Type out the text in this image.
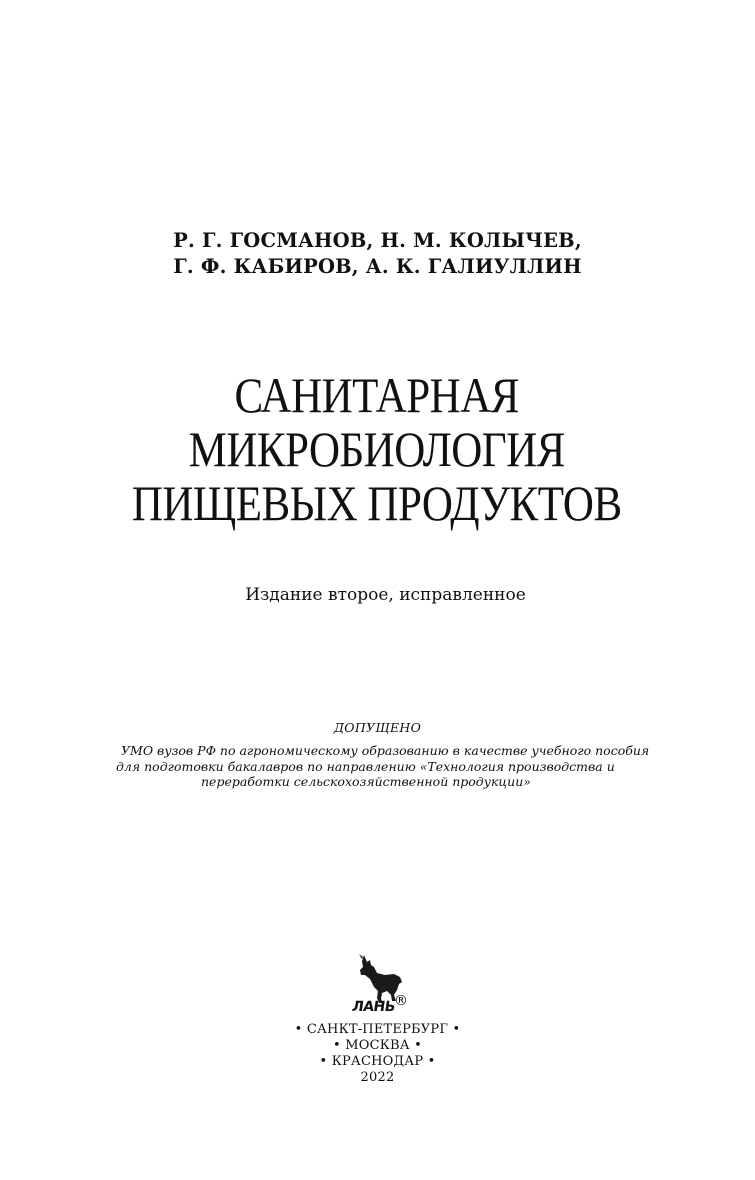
Р. Г. ГОСМАНОВ, Н. М. КОЛЫЧЕВ,
Г. Ф. КАБИРОВ, А. К. ГАЛИУЛЛИН
САНИТАРНАЯ
МИКРОБИОЛОГИЯ
ПИЩЕВЫХ ПРОДУКТОВ
Издание второе, исправленное
ДОПУЩЕНО
УМО вузов РФ по агрономическому образованию в качестве учебного пособия
для подготовки бакалавров по направлению «Технология производства и
переработки сельскохозяйственной продукции»
ЛАНЬ
®
• САНКТ-ПЕТЕРБУРГ •
• МОСКВА •
• КРАСНОДАР •
2022
